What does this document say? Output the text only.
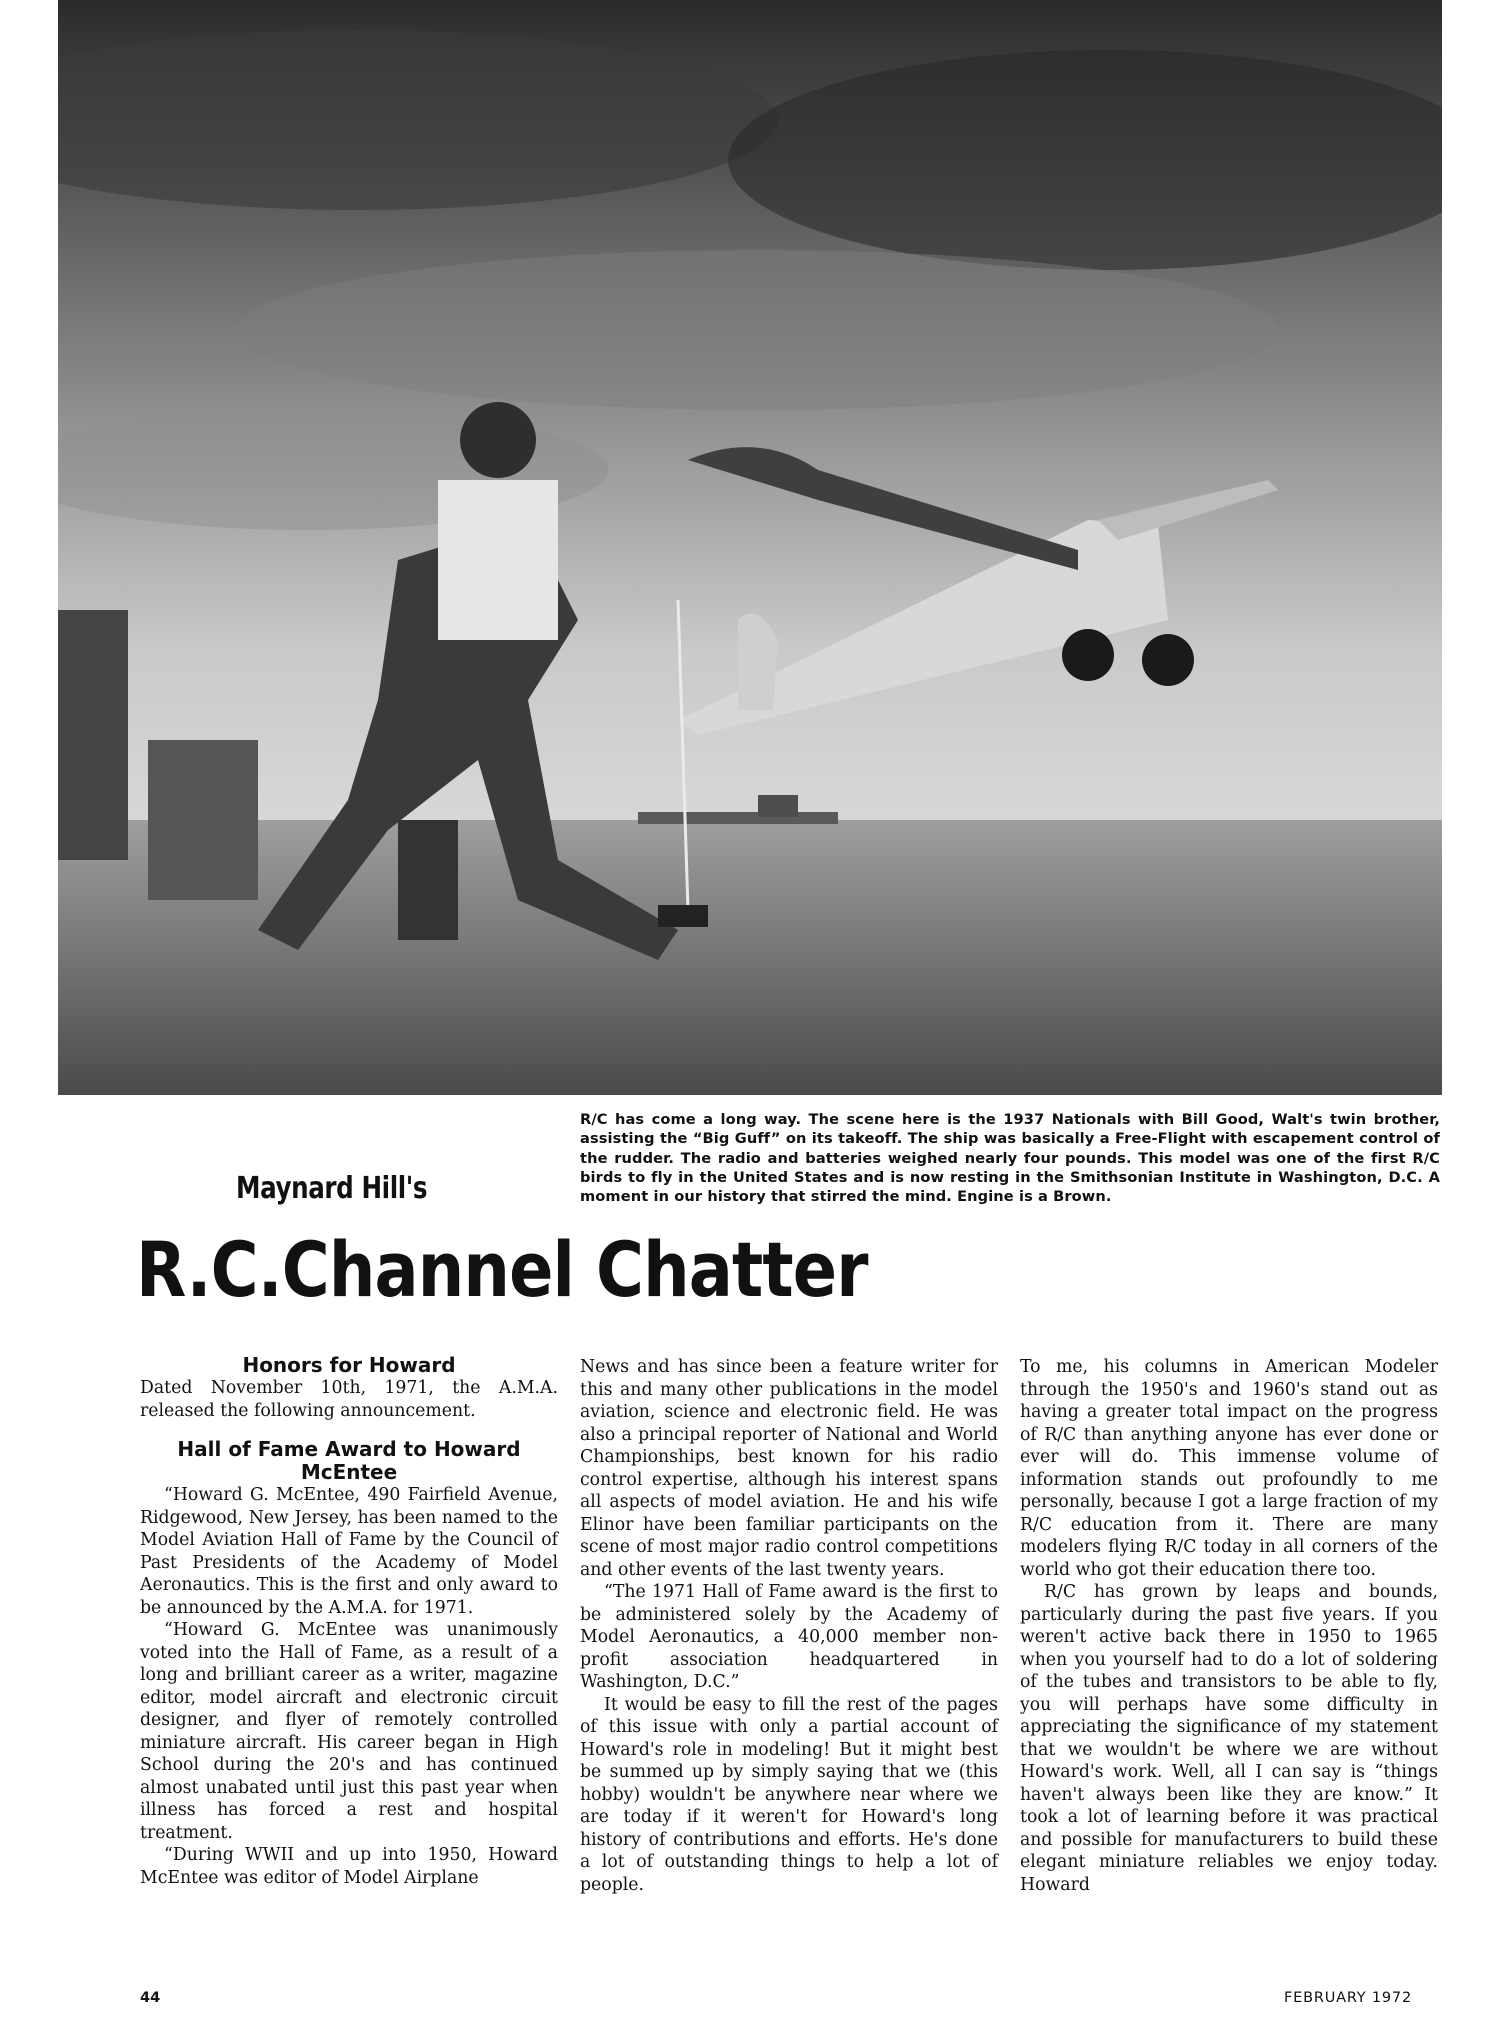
R/C has come a long way. The scene here is the 1937 Nationals with Bill Good, Walt's twin brother, assisting the “Big Guff” on its takeoff. The ship was basically a Free-Flight with escapement control of the rudder. The radio and batteries weighed nearly four pounds. This model was one of the first R/C birds to fly in the United States and is now resting in the Smithsonian Institute in Washington, D.C. A moment in our history that stirred the mind. Engine is a Brown.
Maynard Hill's
R.C.Channel Chatter
Honors for Howard

Dated November 10th, 1971, the A.M.A. released the following announcement.

Hall of Fame Award to Howard McEntee

“Howard G. McEntee, 490 Fairfield Avenue, Ridgewood, New Jersey, has been named to the Model Aviation Hall of Fame by the Council of Past Presidents of the Academy of Model Aeronautics. This is the first and only award to be announced by the A.M.A. for 1971.

“Howard G. McEntee was unanimously voted into the Hall of Fame, as a result of a long and brilliant career as a writer, magazine editor, model aircraft and electronic circuit designer, and flyer of remotely controlled miniature aircraft. His career began in High School during the 20's and has continued almost unabated until just this past year when illness has forced a rest and hospital treatment.

“During WWII and up into 1950, Howard McEntee was editor of Model Airplane

News and has since been a feature writer for this and many other publications in the model aviation, science and electronic field. He was also a principal reporter of National and World Championships, best known for his radio control expertise, although his interest spans all aspects of model aviation. He and his wife Elinor have been familiar participants on the scene of most major radio control competitions and other events of the last twenty years.

“The 1971 Hall of Fame award is the first to be administered solely by the Academy of Model Aeronautics, a 40,000 member non-profit association headquartered in Washington, D.C.”

It would be easy to fill the rest of the pages of this issue with only a partial account of Howard's role in modeling! But it might best be summed up by simply saying that we (this hobby) wouldn't be anywhere near where we are today if it weren't for Howard's long history of contributions and efforts. He's done a lot of outstanding things to help a lot of people.

To me, his columns in American Modeler through the 1950's and 1960's stand out as having a greater total impact on the progress of R/C than anything anyone has ever done or ever will do. This immense volume of information stands out profoundly to me personally, because I got a large fraction of my R/C education from it. There are many modelers flying R/C today in all corners of the world who got their education there too.

R/C has grown by leaps and bounds, particularly during the past five years. If you weren't active back there in 1950 to 1965 when you yourself had to do a lot of soldering of the tubes and transistors to be able to fly, you will perhaps have some difficulty in appreciating the significance of my statement that we wouldn't be where we are without Howard's work. Well, all I can say is “things haven't always been like they are know.” It took a lot of learning before it was practical and possible for manufacturers to build these elegant miniature reliables we enjoy today. Howard

44	FEBRUARY 1972
